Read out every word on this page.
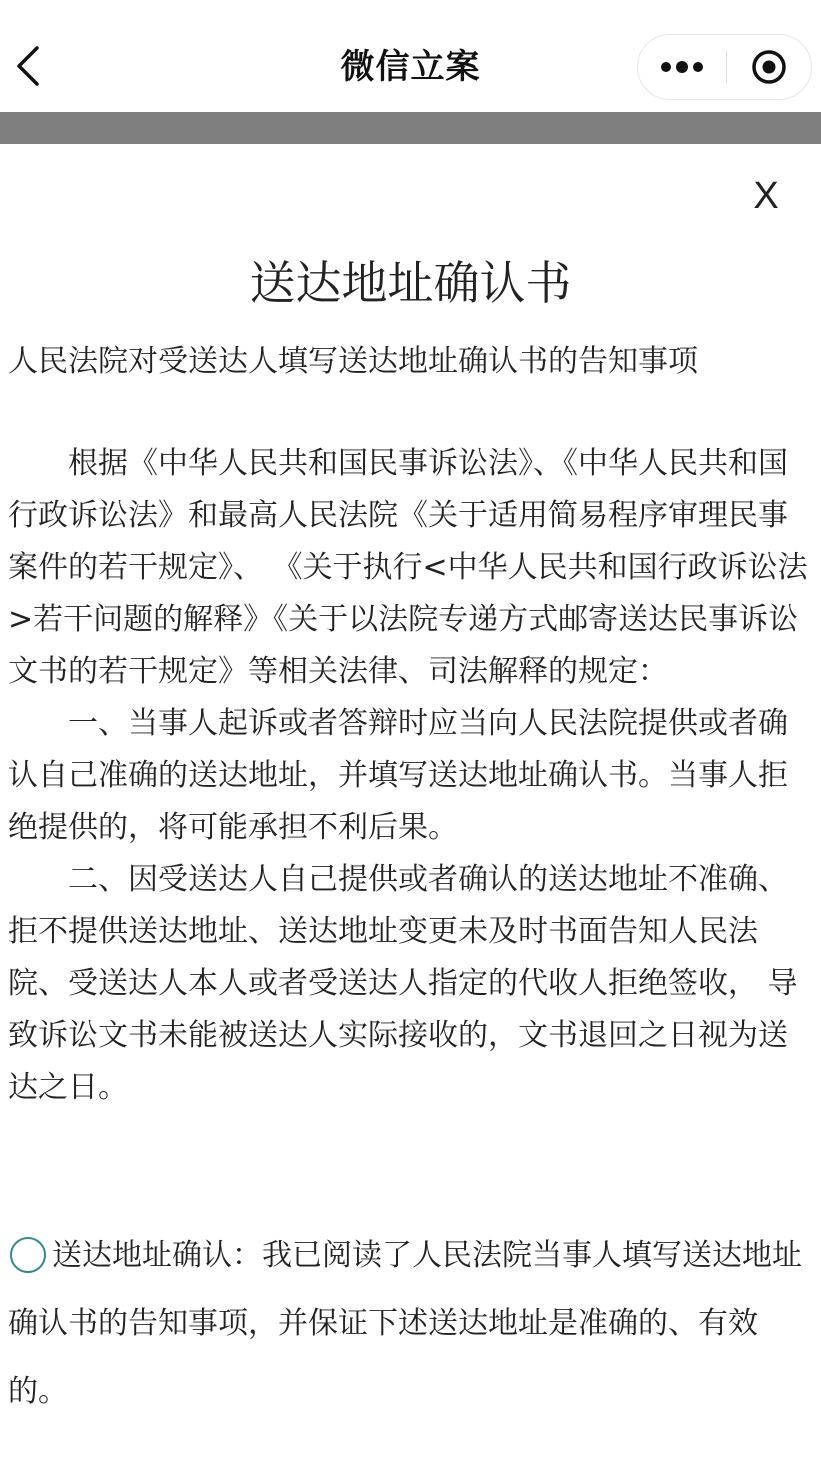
微信立案
X
送达地址确认书
人民法院对受送达人填写送达地址确认书的告知事项

根据《中华人民共和国民事诉讼法》、《中华人民共和国行政诉讼法》和最高人民法院《关于适用简易程序审理民事案件的若干规定》、 《关于执行<中华人民共和国行政诉讼法>若干问题的解释》《关于以法院专递方式邮寄送达民事诉讼文书的若干规定》等相关法律、司法解释的规定：

一、当事人起诉或者答辩时应当向人民法院提供或者确认自己准确的送达地址，并填写送达地址确认书。当事人拒绝提供的，将可能承担不利后果。

二、因受送达人自己提供或者确认的送达地址不准确、拒不提供送达地址、送达地址变更未及时书面告知人民法院、受送达人本人或者受送达人指定的代收人拒绝签收， 导致诉讼文书未能被送达人实际接收的，文书退回之日视为送达之日。

送达地址确认：我已阅读了人民法院当事人填写送达地址确认书的告知事项，并保证下述送达地址是准确的、有效的。
